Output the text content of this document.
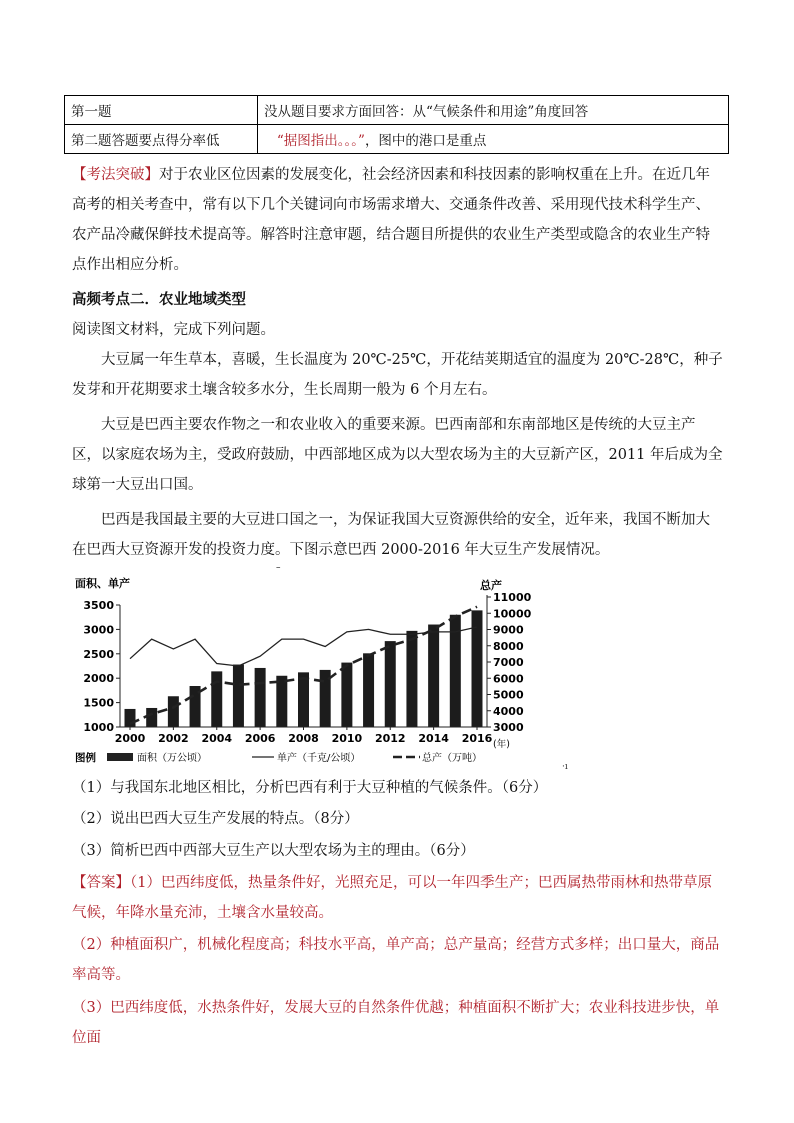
第一题	没从题目要求方面回答：从“气候条件和用途”角度回答
第二题答题要点得分率低	“据图指出。。。”，图中的港口是重点

【考法突破】对于农业区位因素的发展变化，社会经济因素和科技因素的影响权重在上升。在近几年高考的相关考查中，常有以下几个关键词向市场需求增大、交通条件改善、采用现代技术科学生产、农产品冷藏保鲜技术提高等。解答时注意审题，结合题目所提供的农业生产类型或隐含的农业生产特点作出相应分析。

高频考点二．农业地域类型

阅读图文材料，完成下列问题。

大豆属一年生草本，喜暖，生长温度为 20℃-25℃，开花结荚期适宜的温度为 20℃-28℃，种子发芽和开花期要求土壤含较多水分，生长周期一般为 6 个月左右。

大豆是巴西主要农作物之一和农业收入的重要来源。巴西南部和东南部地区是传统的大豆主产区，以家庭农场为主，受政府鼓励，中西部地区成为以大型农场为主的大豆新产区，2011 年后成为全球第一大豆出口国。

巴西是我国最主要的大豆进口国之一，为保证我国大豆资源供给的安全，近年来，我国不断加大在巴西大豆资源开发的投资力度。下图示意巴西 2000-2016 年大豆生产发展情况。

–
面积、单产	总产
1000
1500
2000
2500
3000
3500
3000
4000
5000
6000
7000
8000
9000
10000
11000
2000 2002 2004 2006 2008 2010 2012 2014 2016 (年)
图例	面积（万公顷）	单产（千克/公顷）	总产（万吨）
·ı

（1）与我国东北地区相比，分析巴西有利于大豆种植的气候条件。（6分）

（2）说出巴西大豆生产发展的特点。（8分）

（3）简析巴西中西部大豆生产以大型农场为主的理由。（6分）

【答案】（1）巴西纬度低，热量条件好，光照充足，可以一年四季生产；巴西属热带雨林和热带草原气候，年降水量充沛，土壤含水量较高。

（2）种植面积广，机械化程度高；科技水平高，单产高；总产量高；经营方式多样；出口量大，商品率高等。

（3）巴西纬度低，水热条件好，发展大豆的自然条件优越；种植面积不断扩大；农业科技进步快，单位面
